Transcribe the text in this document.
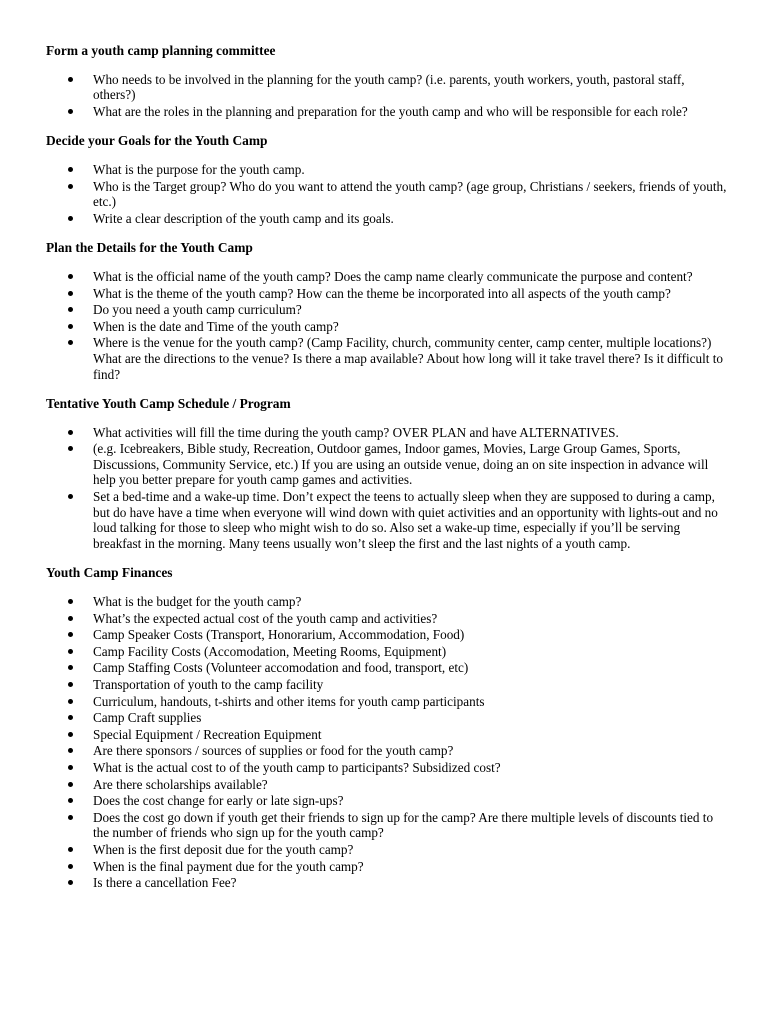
Form a youth camp planning committee
Who needs to be involved in the planning for the youth camp? (i.e. parents, youth workers, youth, pastoral staff, others?)
What are the roles in the planning and preparation for the youth camp and who will be responsible for each role?
Decide your Goals for the Youth Camp
What is the purpose for the youth camp.
Who is the Target group? Who do you want to attend the youth camp? (age group, Christians / seekers, friends of youth, etc.)
Write a clear description of the youth camp and its goals.
Plan the Details for the Youth Camp
What is the official name of the youth camp? Does the camp name clearly communicate the purpose and content?
What is the theme of the youth camp? How can the theme be incorporated into all aspects of the youth camp?
Do you need a youth camp curriculum?
When is the date and Time of the youth camp?
Where is the venue for the youth camp? (Camp Facility, church, community center, camp center, multiple locations?) What are the directions to the venue? Is there a map available? About how long will it take travel there? Is it difficult to find?
Tentative Youth Camp Schedule / Program
What activities will fill the time during the youth camp? OVER PLAN and have ALTERNATIVES.
(e.g. Icebreakers, Bible study, Recreation, Outdoor games, Indoor games, Movies, Large Group Games, Sports, Discussions, Community Service, etc.) If you are using an outside venue, doing an on site inspection in advance will help you better prepare for youth camp games and activities.
Set a bed-time and a wake-up time. Don’t expect the teens to actually sleep when they are supposed to during a camp, but do have have a time when everyone will wind down with quiet activities and an opportunity with lights-out and no loud talking for those to sleep who might wish to do so. Also set a wake-up time, especially if you’ll be serving breakfast in the morning. Many teens usually won’t sleep the first and the last nights of a youth camp.
Youth Camp Finances
What is the budget for the youth camp?
What’s the expected actual cost of the youth camp and activities?
Camp Speaker Costs (Transport, Honorarium, Accommodation, Food)
Camp Facility Costs (Accomodation, Meeting Rooms, Equipment)
Camp Staffing Costs (Volunteer accomodation and food, transport, etc)
Transportation of youth to the camp facility
Curriculum, handouts, t-shirts and other items for youth camp participants
Camp Craft supplies
Special Equipment / Recreation Equipment
Are there sponsors / sources of supplies or food for the youth camp?
What is the actual cost to of the youth camp to participants? Subsidized cost?
Are there scholarships available?
Does the cost change for early or late sign-ups?
Does the cost go down if youth get their friends to sign up for the camp? Are there multiple levels of discounts tied to the number of friends who sign up for the youth camp?
When is the first deposit due for the youth camp?
When is the final payment due for the youth camp?
Is there a cancellation Fee?
